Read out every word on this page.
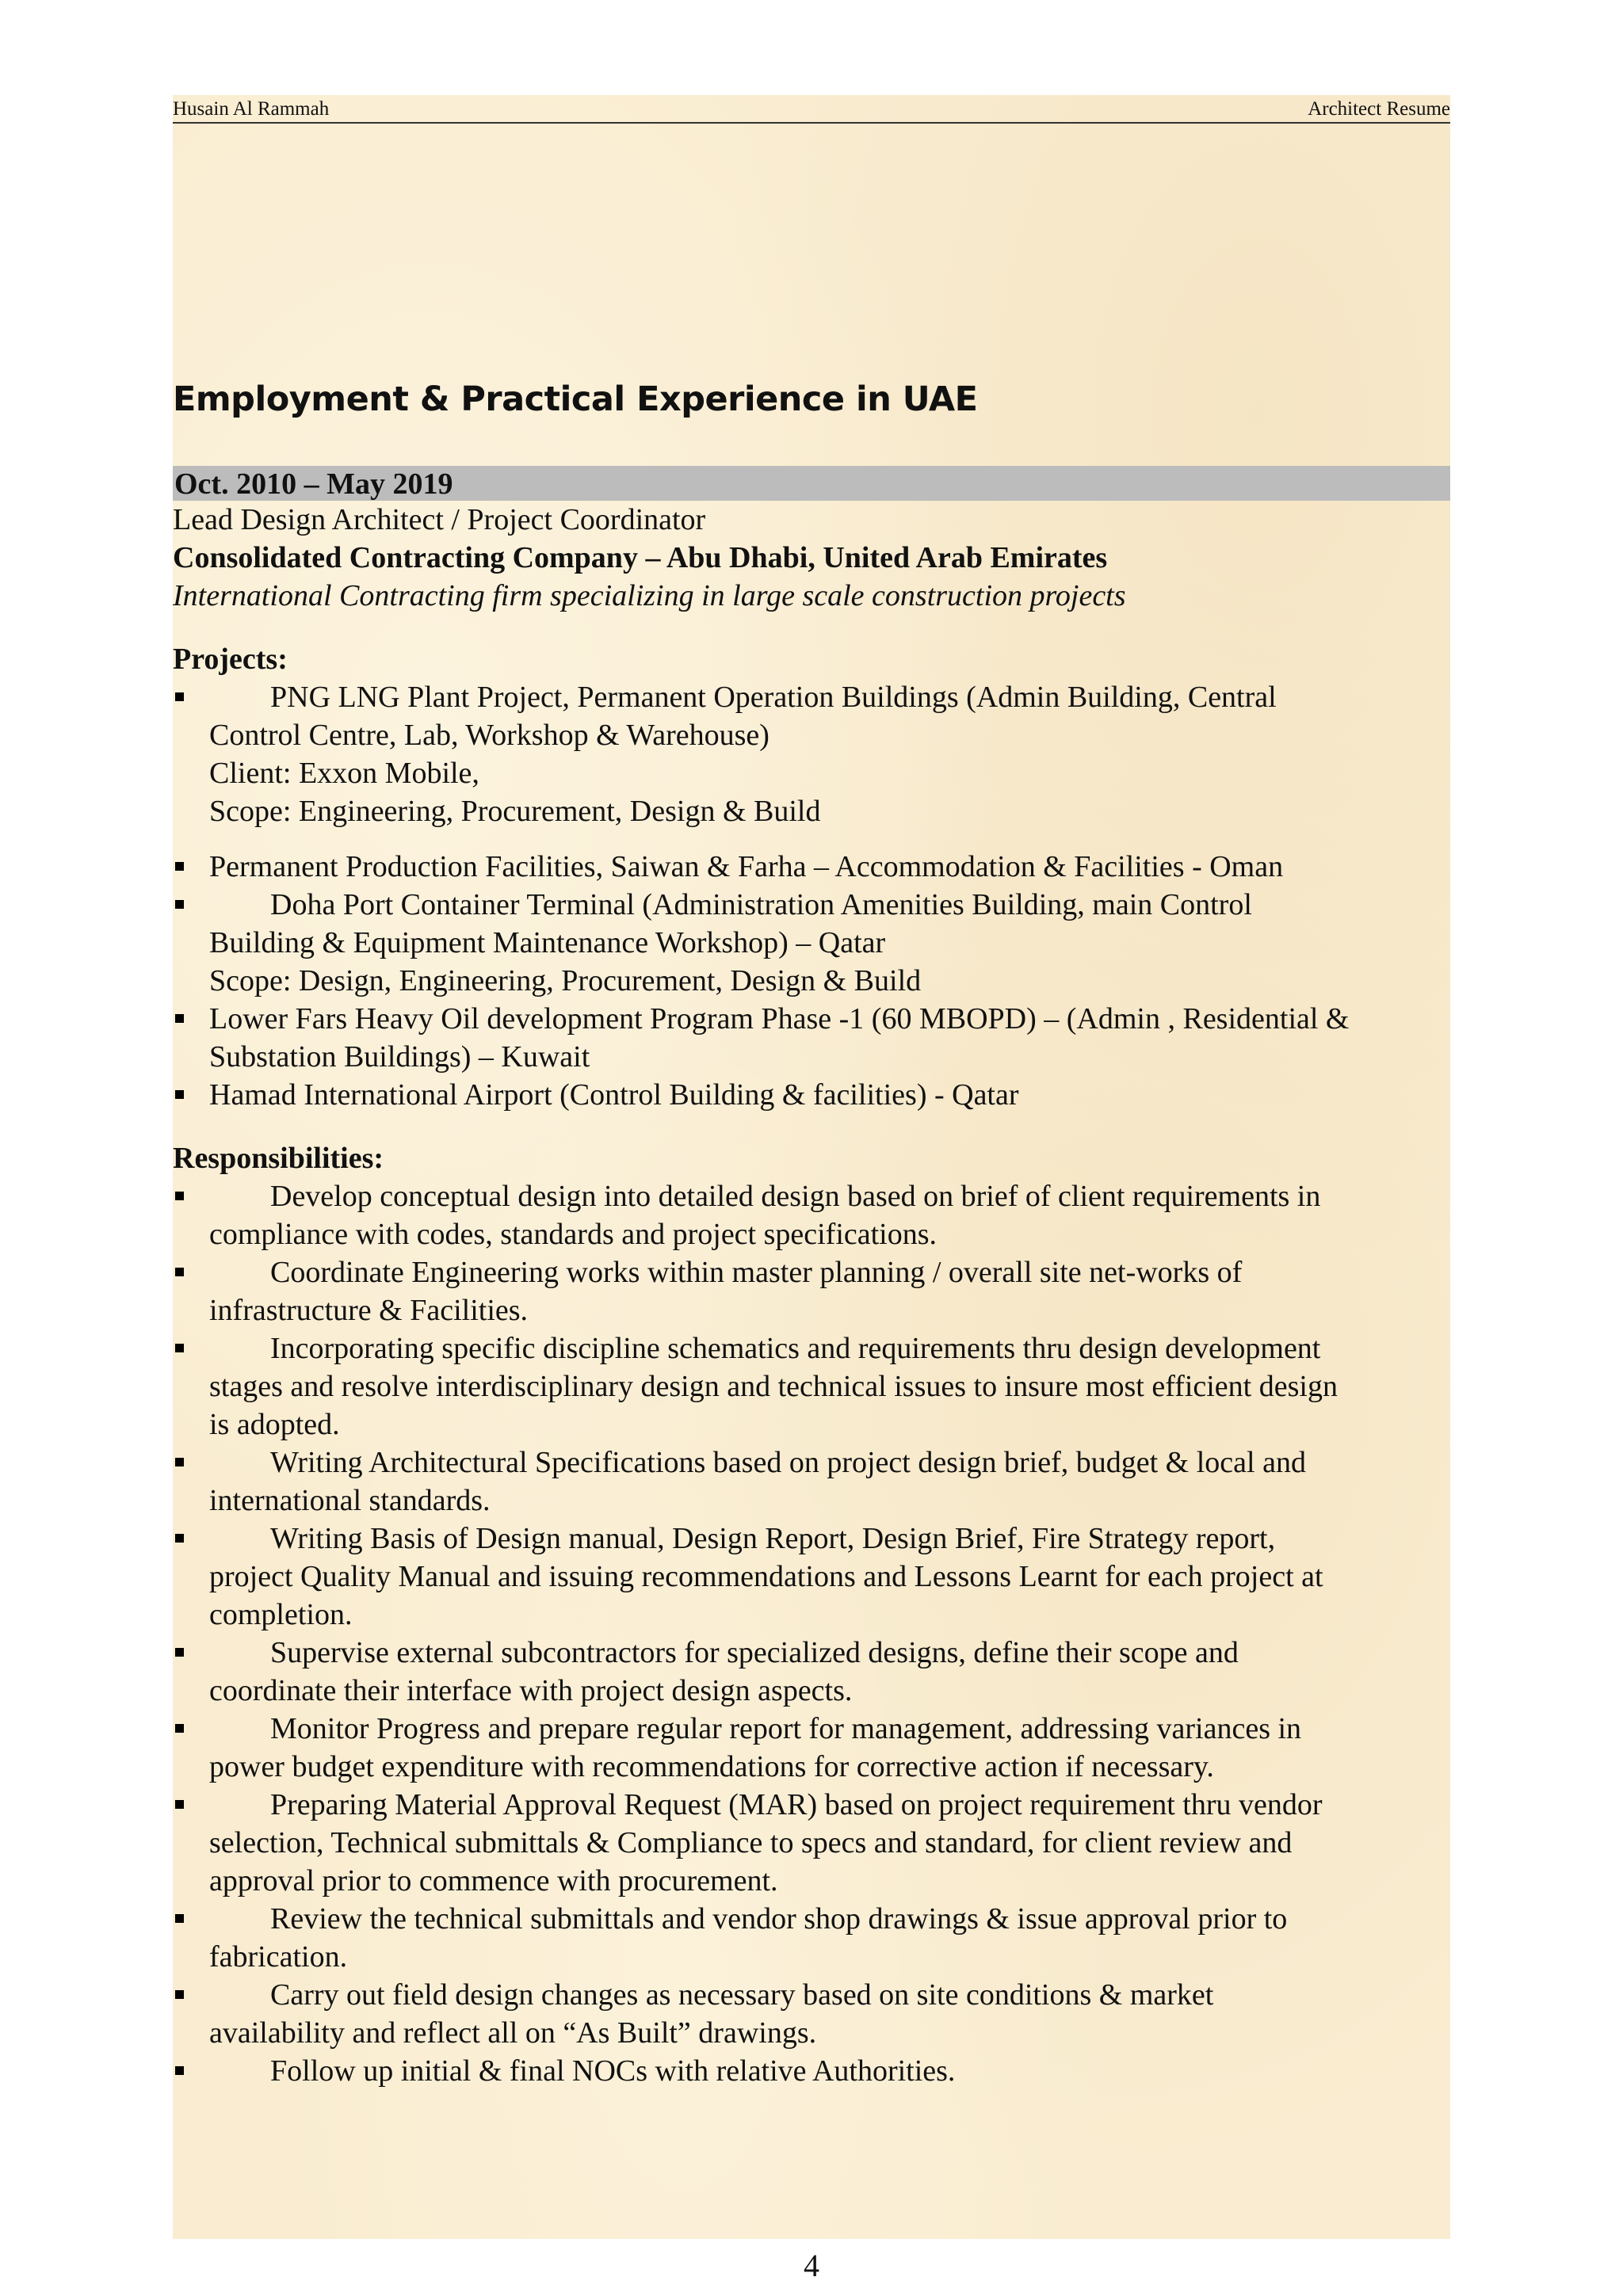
Husain Al Rammah	Architect Resume
Employment & Practical Experience in UAE
Oct. 2010 – May 2019
Lead Design Architect / Project Coordinator
Consolidated Contracting Company – Abu Dhabi, United Arab Emirates
International Contracting firm specializing in large scale construction projects
Projects:
PNG LNG Plant Project, Permanent Operation Buildings (Admin Building, Central
Control Centre, Lab, Workshop & Warehouse)
Client: Exxon Mobile,
Scope: Engineering, Procurement, Design & Build
Permanent Production Facilities, Saiwan & Farha – Accommodation & Facilities - Oman
Doha Port Container Terminal (Administration Amenities Building, main Control
Building & Equipment Maintenance Workshop) – Qatar
Scope: Design, Engineering, Procurement, Design & Build
Lower Fars Heavy Oil development Program Phase -1 (60 MBOPD) – (Admin , Residential &
Substation Buildings) – Kuwait
Hamad International Airport (Control Building & facilities) - Qatar
Responsibilities:
Develop conceptual design into detailed design based on brief of client requirements in
compliance with codes, standards and project specifications.
Coordinate Engineering works within master planning / overall site net-works of
infrastructure & Facilities.
Incorporating specific discipline schematics and requirements thru design development
stages and resolve interdisciplinary design and technical issues to insure most efficient design
is adopted.
Writing Architectural Specifications based on project design brief, budget & local and
international standards.
Writing Basis of Design manual, Design Report, Design Brief, Fire Strategy report,
project Quality Manual and issuing recommendations and Lessons Learnt for each project at
completion.
Supervise external subcontractors for specialized designs, define their scope and
coordinate their interface with project design aspects.
Monitor Progress and prepare regular report for management, addressing variances in
power budget expenditure with recommendations for corrective action if necessary.
Preparing Material Approval Request (MAR) based on project requirement thru vendor
selection, Technical submittals & Compliance to specs and standard, for client review and
approval prior to commence with procurement.
Review the technical submittals and vendor shop drawings & issue approval prior to
fabrication.
Carry out field design changes as necessary based on site conditions & market
availability and reflect all on “As Built” drawings.
Follow up initial & final NOCs with relative Authorities.
4
